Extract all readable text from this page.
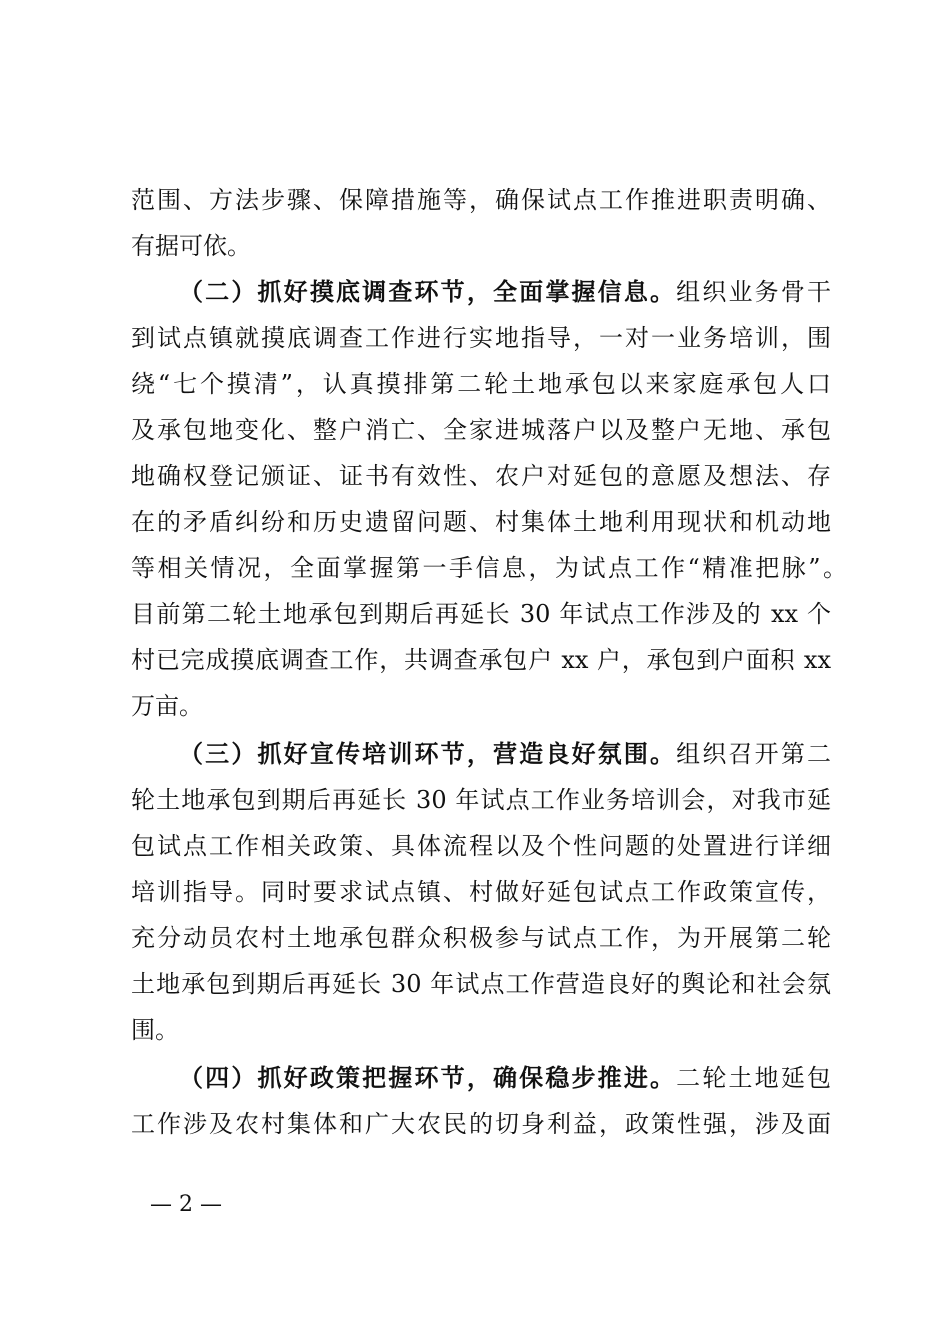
范围、方法步骤、保障措施等，确保试点工作推进职责明确、
有据可依。
（二）抓好摸底调查环节，全面掌握信息。组织业务骨干
到试点镇就摸底调查工作进行实地指导，一对一业务培训，围
绕“七个摸清”，认真摸排第二轮土地承包以来家庭承包人口
及承包地变化、整户消亡、全家进城落户以及整户无地、承包
地确权登记颁证、证书有效性、农户对延包的意愿及想法、存
在的矛盾纠纷和历史遗留问题、村集体土地利用现状和机动地
等相关情况，全面掌握第一手信息，为试点工作“精准把脉”。
目前第二轮土地承包到期后再延长 30 年试点工作涉及的 xx 个
村已完成摸底调查工作，共调查承包户 xx 户，承包到户面积 xx
万亩。
（三）抓好宣传培训环节，营造良好氛围。组织召开第二
轮土地承包到期后再延长 30 年试点工作业务培训会，对我市延
包试点工作相关政策、具体流程以及个性问题的处置进行详细
培训指导。同时要求试点镇、村做好延包试点工作政策宣传，
充分动员农村土地承包群众积极参与试点工作，为开展第二轮
土地承包到期后再延长 30 年试点工作营造良好的舆论和社会氛
围。
（四）抓好政策把握环节，确保稳步推进。二轮土地延包
工作涉及农村集体和广大农民的切身利益，政策性强，涉及面
— 2 —
